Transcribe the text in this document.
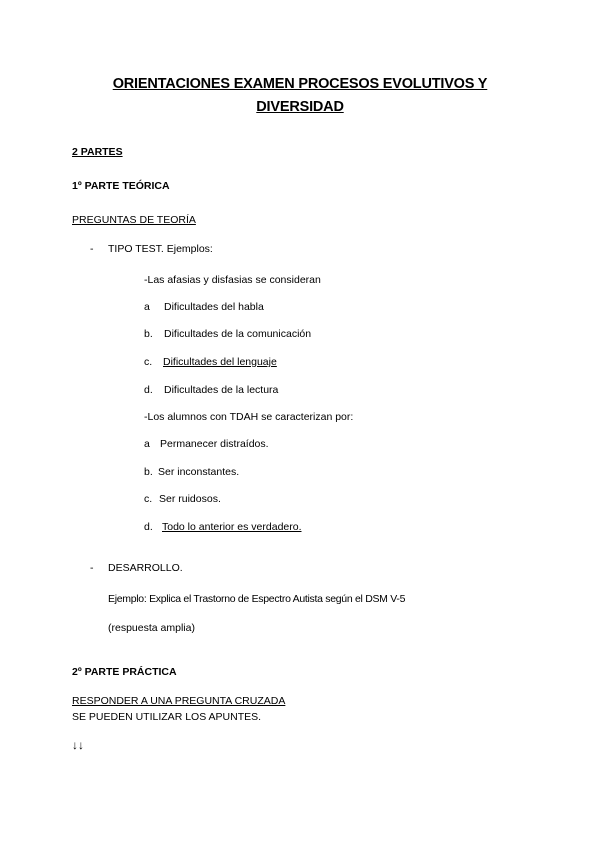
ORIENTACIONES EXAMEN PROCESOS EVOLUTIVOS Y
DIVERSIDAD
2 PARTES
1º PARTE TEÓRICA
PREGUNTAS DE TEORÍA
- TIPO TEST. Ejemplos:
-Las afasias y disfasias se consideran
a Dificultades del habla
b. Dificultades de la comunicación
c. Dificultades del lenguaje
d. Dificultades de la lectura
-Los alumnos con TDAH se caracterizan por:
a Permanecer distraídos.
b. Ser inconstantes.
c. Ser ruidosos.
d. Todo lo anterior es verdadero.
- DESARROLLO.
Ejemplo: Explica el Trastorno de Espectro Autista según el DSM V-5
(respuesta amplia)
2º PARTE PRÁCTICA
RESPONDER A UNA PREGUNTA CRUZADA
SE PUEDEN UTILIZAR LOS APUNTES.
↓↓
